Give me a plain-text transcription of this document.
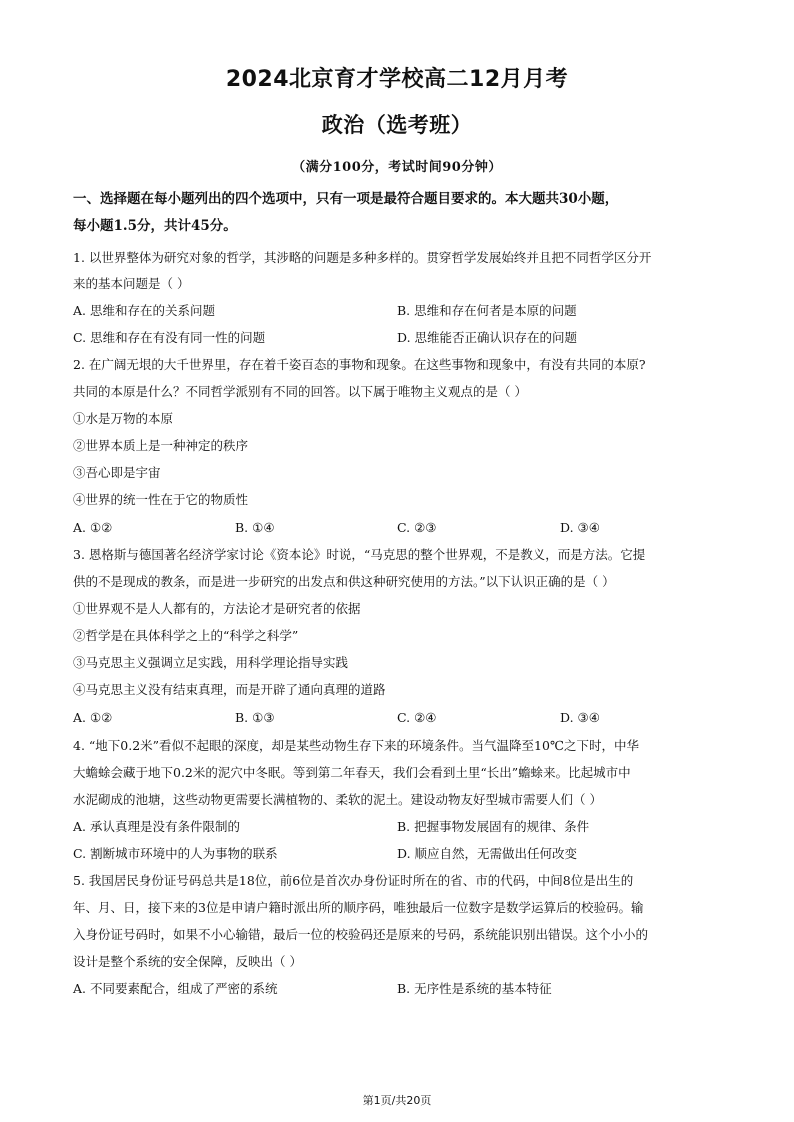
2024北京育才学校高二12月月考
政治（选考班）
（满分100分，考试时间90分钟）
一、选择题在每小题列出的四个选项中，只有一项是最符合题目要求的。本大题共30小题，
每小题1.5分，共计45分。
1. 以世界整体为研究对象的哲学，其涉略的问题是多种多样的。贯穿哲学发展始终并且把不同哲学区分开
来的基本问题是（ ）
A. 思维和存在的关系问题	B. 思维和存在何者是本原的问题
C. 思维和存在有没有同一性的问题	D. 思维能否正确认识存在的问题
2. 在广阔无垠的大千世界里，存在着千姿百态的事物和现象。在这些事物和现象中，有没有共同的本原?
共同的本原是什么？不同哲学派别有不同的回答。以下属于唯物主义观点的是（ ）
①水是万物的本原
②世界本质上是一种神定的秩序
③吾心即是宇宙
④世界的统一性在于它的物质性
A. ①②	B. ①④	C. ②③	D. ③④
3. 恩格斯与德国著名经济学家讨论《资本论》时说，“马克思的整个世界观，不是教义，而是方法。它提
供的不是现成的教条，而是进一步研究的出发点和供这种研究使用的方法。”以下认识正确的是（ ）
①世界观不是人人都有的，方法论才是研究者的依据
②哲学是在具体科学之上的“科学之科学”
③马克思主义强调立足实践，用科学理论指导实践
④马克思主义没有结束真理，而是开辟了通向真理的道路
A. ①②	B. ①③	C. ②④	D. ③④
4. “地下0.2米”看似不起眼的深度，却是某些动物生存下来的环境条件。当气温降至10℃之下时，中华
大蟾蜍会藏于地下0.2米的泥穴中冬眠。等到第二年春天，我们会看到土里“长出”蟾蜍来。比起城市中
水泥砌成的池塘，这些动物更需要长满植物的、柔软的泥土。建设动物友好型城市需要人们（ ）
A. 承认真理是没有条件限制的	B. 把握事物发展固有的规律、条件
C. 割断城市环境中的人为事物的联系	D. 顺应自然，无需做出任何改变
5. 我国居民身份证号码总共是18位，前6位是首次办身份证时所在的省、市的代码，中间8位是出生的
年、月、日，接下来的3位是申请户籍时派出所的顺序码，唯独最后一位数字是数学运算后的校验码。输
入身份证号码时，如果不小心输错，最后一位的校验码还是原来的号码，系统能识别出错误。这个小小的
设计是整个系统的安全保障，反映出（ ）
A. 不同要素配合，组成了严密的系统	B. 无序性是系统的基本特征
第1页/共20页
